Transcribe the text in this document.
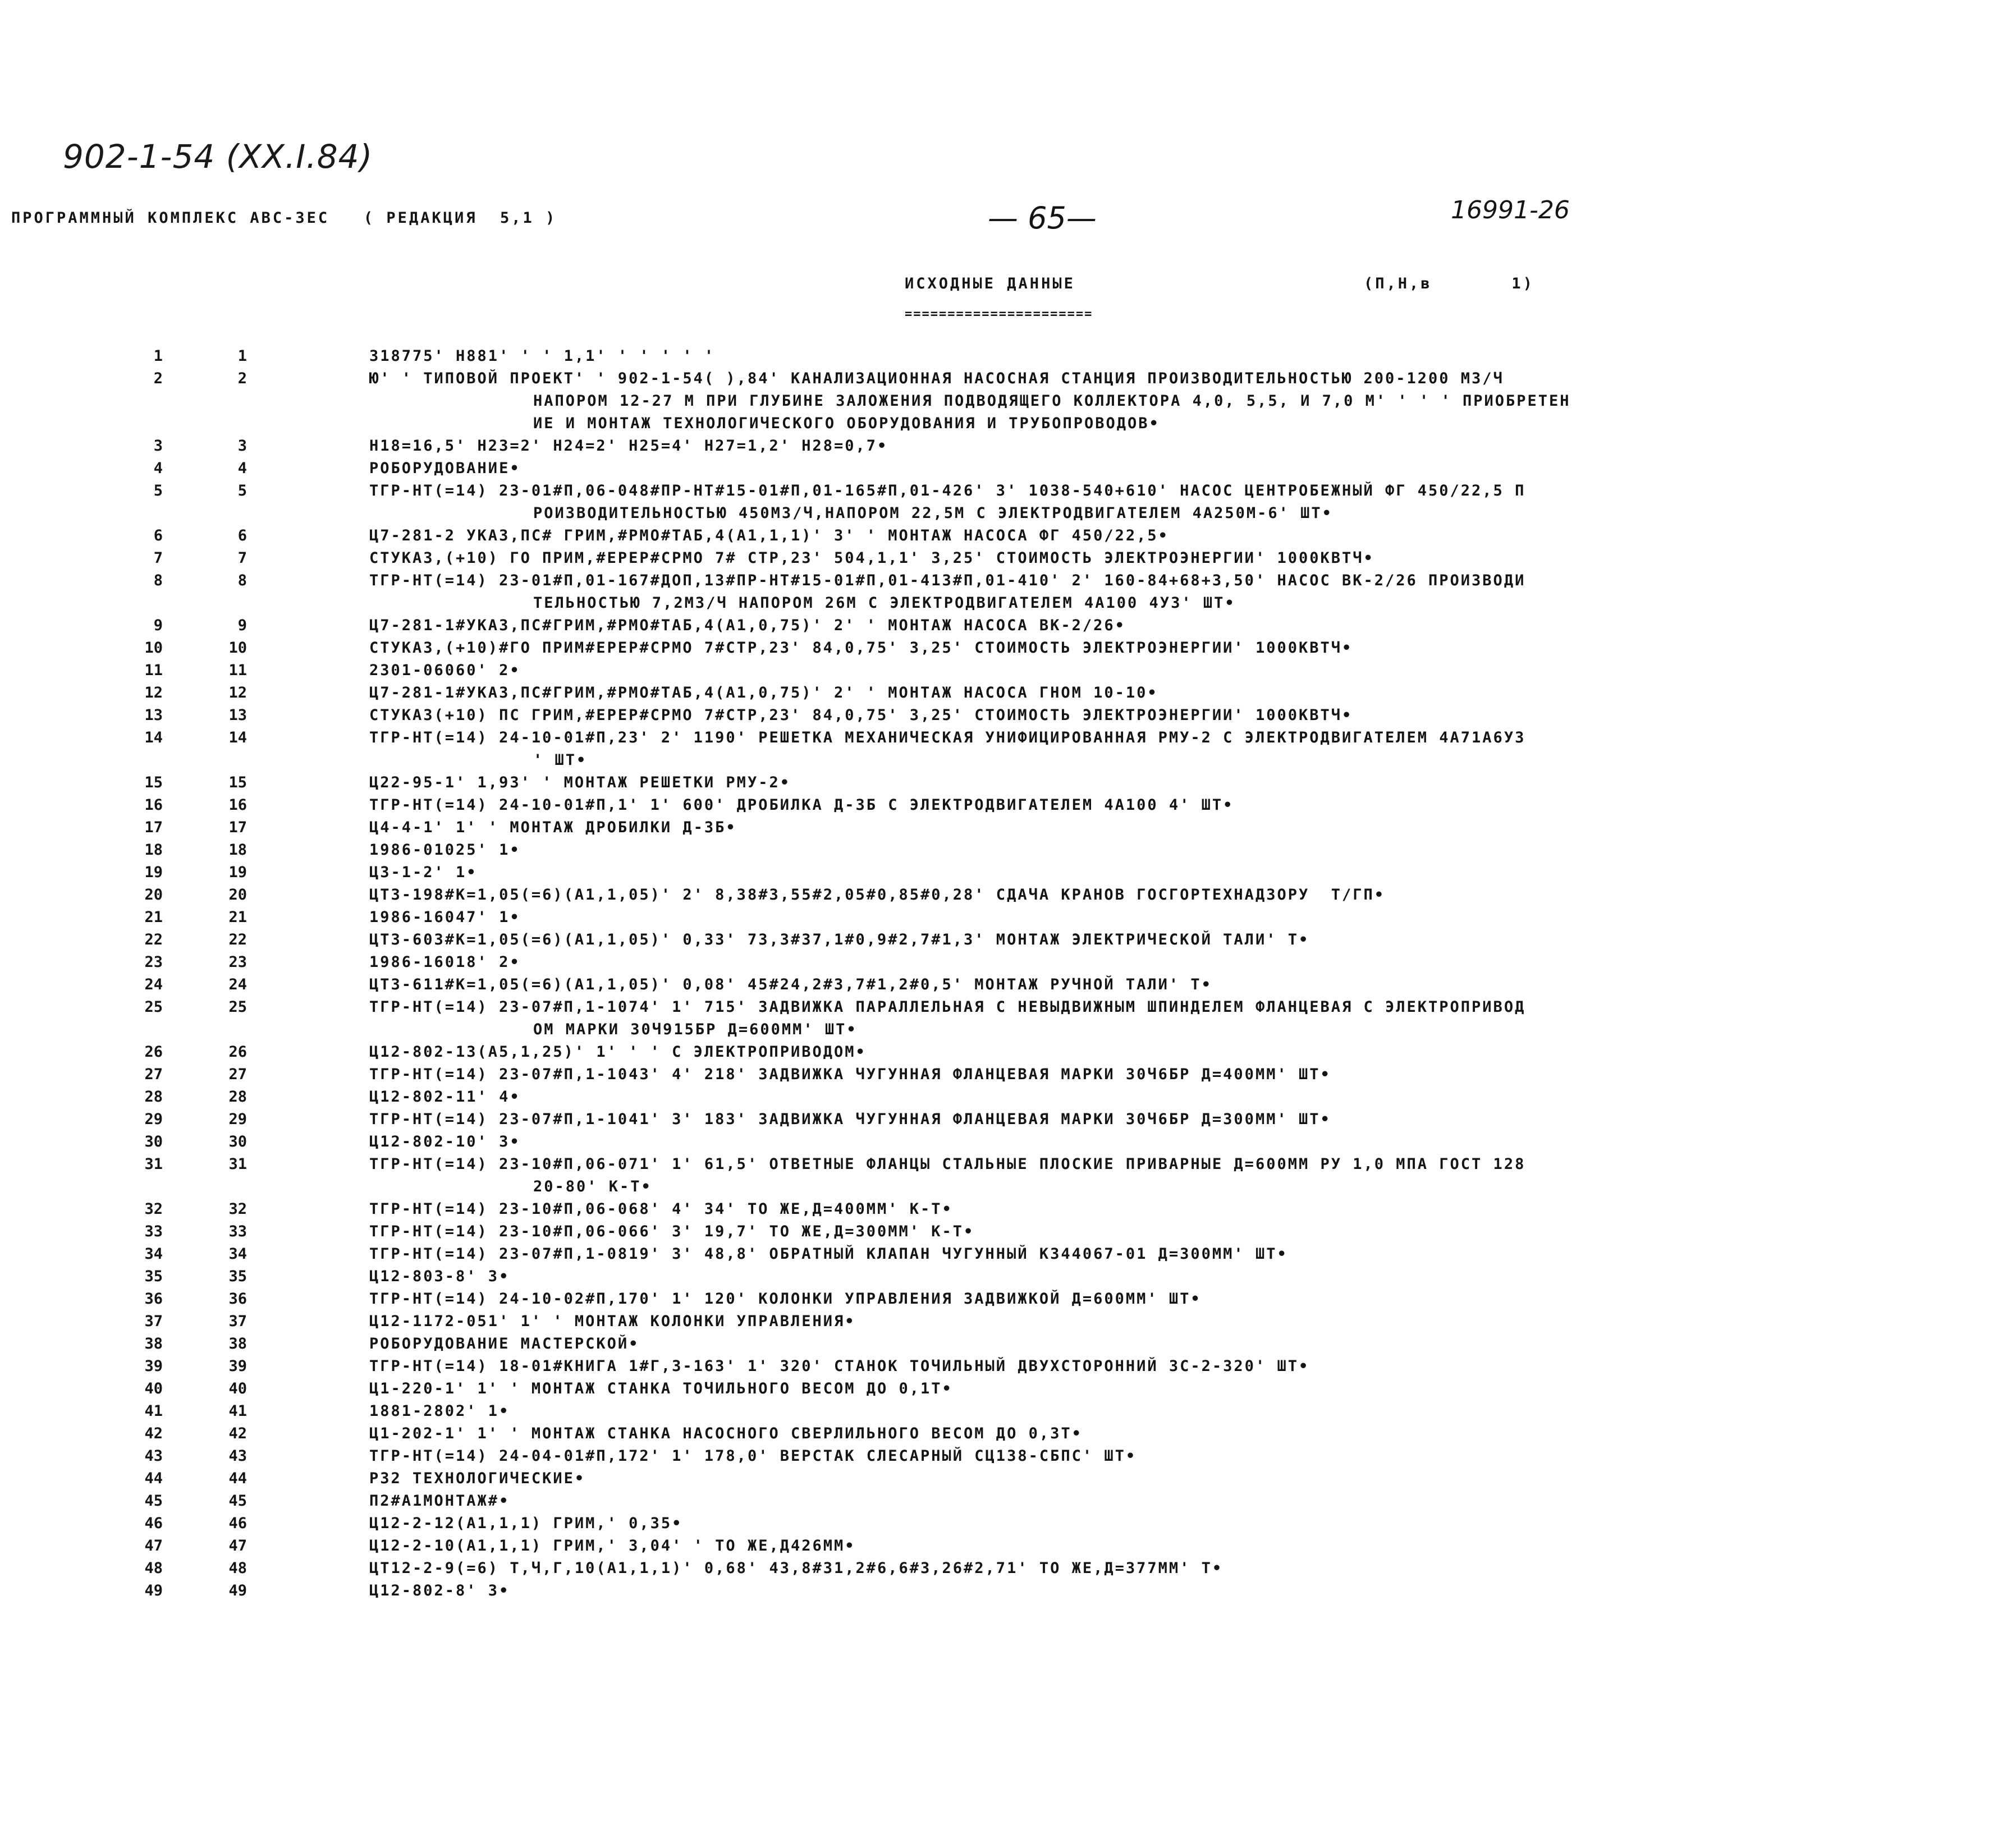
902-1-54 (XX.I.84)
ПРОГРАММНЫЙ КОМПЛЕКС АВС-ЗЕС   ( РЕДАКЦИЯ  5,1 )	— 65—	16991-26
ИСХОДНЫЕ ДАННЫЕ
======================
(П,Н,в       1)
1	1	318775' Н881' ' ' 1,1' ' ' ' ' '
2	2	Ю' ' ТИПОВОЙ ПРОЕКТ' ' 902-1-54( ),84' КАНАЛИЗАЦИОННАЯ НАСОСНАЯ СТАНЦИЯ ПРОИЗВОДИТЕЛЬНОСТЬЮ 200-1200 М3/Ч
НАПОРОМ 12-27 М ПРИ ГЛУБИНЕ ЗАЛОЖЕНИЯ ПОДВОДЯЩЕГО КОЛЛЕКТОРА 4,0, 5,5, И 7,0 М' ' ' ' ПРИОБРЕТЕН
ИЕ И МОНТАЖ ТЕХНОЛОГИЧЕСКОГО ОБОРУДОВАНИЯ И ТРУБОПРОВОДОВ•
3	3	Н18=16,5' Н23=2' Н24=2' Н25=4' Н27=1,2' Н28=0,7•
4	4	РОБОРУДОВАНИЕ•
5	5	ТГР-НТ(=14) 23-01#П,06-048#ПР-НТ#15-01#П,01-165#П,01-426' 3' 1038-540+610' НАСОС ЦЕНТРОБЕЖНЫЙ ФГ 450/22,5 П
РОИЗВОДИТЕЛЬНОСТЬЮ 450М3/Ч,НАПОРОМ 22,5М С ЭЛЕКТРОДВИГАТЕЛЕМ 4А250М-6' ШТ•
6	6	Ц7-281-2 УКАЗ,ПС# ГРИМ,#РМО#ТАБ,4(А1,1,1)' 3' ' МОНТАЖ НАСОСА ФГ 450/22,5•
7	7	СТУКАЗ,(+10) ГО ПРИМ,#ЕРЕР#СРМО 7# СТР,23' 504,1,1' 3,25' СТОИМОСТЬ ЭЛЕКТРОЭНЕРГИИ' 1000КВТЧ•
8	8	ТГР-НТ(=14) 23-01#П,01-167#ДОП,13#ПР-НТ#15-01#П,01-413#П,01-410' 2' 160-84+68+3,50' НАСОС ВК-2/26 ПРОИЗВОДИ
ТЕЛЬНОСТЬЮ 7,2М3/Ч НАПОРОМ 26М С ЭЛЕКТРОДВИГАТЕЛЕМ 4А100 4У3' ШТ•
9	9	Ц7-281-1#УКАЗ,ПС#ГРИМ,#РМО#ТАБ,4(А1,0,75)' 2' ' МОНТАЖ НАСОСА ВК-2/26•
10	10	СТУКАЗ,(+10)#ГО ПРИМ#ЕРЕР#СРМО 7#СТР,23' 84,0,75' 3,25' СТОИМОСТЬ ЭЛЕКТРОЭНЕРГИИ' 1000КВТЧ•
11	11	2301-06060' 2•
12	12	Ц7-281-1#УКАЗ,ПС#ГРИМ,#РМО#ТАБ,4(А1,0,75)' 2' ' МОНТАЖ НАСОСА ГНОМ 10-10•
13	13	СТУКАЗ(+10) ПС ГРИМ,#ЕРЕР#СРМО 7#СТР,23' 84,0,75' 3,25' СТОИМОСТЬ ЭЛЕКТРОЭНЕРГИИ' 1000КВТЧ•
14	14	ТГР-НТ(=14) 24-10-01#П,23' 2' 1190' РЕШЕТКА МЕХАНИЧЕСКАЯ УНИФИЦИРОВАННАЯ РМУ-2 С ЭЛЕКТРОДВИГАТЕЛЕМ 4А71А6У3
' ШТ•
15	15	Ц22-95-1' 1,93' ' МОНТАЖ РЕШЕТКИ РМУ-2•
16	16	ТГР-НТ(=14) 24-10-01#П,1' 1' 600' ДРОБИЛКА Д-3Б С ЭЛЕКТРОДВИГАТЕЛЕМ 4А100 4' ШТ•
17	17	Ц4-4-1' 1' ' МОНТАЖ ДРОБИЛКИ Д-3Б•
18	18	1986-01025' 1•
19	19	Ц3-1-2' 1•
20	20	ЦТ3-198#К=1,05(=6)(А1,1,05)' 2' 8,38#3,55#2,05#0,85#0,28' СДАЧА КРАНОВ ГОСГОРТЕХНАДЗОРУ  Т/ГП•
21	21	1986-16047' 1•
22	22	ЦТ3-603#К=1,05(=6)(А1,1,05)' 0,33' 73,3#37,1#0,9#2,7#1,3' МОНТАЖ ЭЛЕКТРИЧЕСКОЙ ТАЛИ' Т•
23	23	1986-16018' 2•
24	24	ЦТ3-611#К=1,05(=6)(А1,1,05)' 0,08' 45#24,2#3,7#1,2#0,5' МОНТАЖ РУЧНОЙ ТАЛИ' Т•
25	25	ТГР-НТ(=14) 23-07#П,1-1074' 1' 715' ЗАДВИЖКА ПАРАЛЛЕЛЬНАЯ С НЕВЫДВИЖНЫМ ШПИНДЕЛЕМ ФЛАНЦЕВАЯ С ЭЛЕКТРОПРИВОД
ОМ МАРКИ 30Ч915БР Д=600ММ' ШТ•
26	26	Ц12-802-13(А5,1,25)' 1' ' ' С ЭЛЕКТРОПРИВОДОМ•
27	27	ТГР-НТ(=14) 23-07#П,1-1043' 4' 218' ЗАДВИЖКА ЧУГУННАЯ ФЛАНЦЕВАЯ МАРКИ 30Ч6БР Д=400ММ' ШТ•
28	28	Ц12-802-11' 4•
29	29	ТГР-НТ(=14) 23-07#П,1-1041' 3' 183' ЗАДВИЖКА ЧУГУННАЯ ФЛАНЦЕВАЯ МАРКИ 30Ч6БР Д=300ММ' ШТ•
30	30	Ц12-802-10' 3•
31	31	ТГР-НТ(=14) 23-10#П,06-071' 1' 61,5' ОТВЕТНЫЕ ФЛАНЦЫ СТАЛЬНЫЕ ПЛОСКИЕ ПРИВАРНЫЕ Д=600ММ РУ 1,0 МПА ГОСТ 128
20-80' К-Т•
32	32	ТГР-НТ(=14) 23-10#П,06-068' 4' 34' ТО ЖЕ,Д=400ММ' К-Т•
33	33	ТГР-НТ(=14) 23-10#П,06-066' 3' 19,7' ТО ЖЕ,Д=300ММ' К-Т•
34	34	ТГР-НТ(=14) 23-07#П,1-0819' 3' 48,8' ОБРАТНЫЙ КЛАПАН ЧУГУННЫЙ К344067-01 Д=300ММ' ШТ•
35	35	Ц12-803-8' 3•
36	36	ТГР-НТ(=14) 24-10-02#П,170' 1' 120' КОЛОНКИ УПРАВЛЕНИЯ ЗАДВИЖКОЙ Д=600ММ' ШТ•
37	37	Ц12-1172-051' 1' ' МОНТАЖ КОЛОНКИ УПРАВЛЕНИЯ•
38	38	РОБОРУДОВАНИЕ МАСТЕРСКОЙ•
39	39	ТГР-НТ(=14) 18-01#КНИГА 1#Г,3-163' 1' 320' СТАНОК ТОЧИЛЬНЫЙ ДВУХСТОРОННИЙ 3С-2-320' ШТ•
40	40	Ц1-220-1' 1' ' МОНТАЖ СТАНКА ТОЧИЛЬНОГО ВЕСОМ ДО 0,1Т•
41	41	1881-2802' 1•
42	42	Ц1-202-1' 1' ' МОНТАЖ СТАНКА НАСОСНОГО СВЕРЛИЛЬНОГО ВЕСОМ ДО 0,3Т•
43	43	ТГР-НТ(=14) 24-04-01#П,172' 1' 178,0' ВЕРСТАК СЛЕСАРНЫЙ СЦ138-СБПС' ШТ•
44	44	Р32 ТЕХНОЛОГИЧЕСКИЕ•
45	45	П2#А1МОНТАЖ#•
46	46	Ц12-2-12(А1,1,1) ГРИМ,' 0,35•
47	47	Ц12-2-10(А1,1,1) ГРИМ,' 3,04' ' ТО ЖЕ,Д426ММ•
48	48	ЦТ12-2-9(=6) Т,Ч,Г,10(А1,1,1)' 0,68' 43,8#31,2#6,6#3,26#2,71' ТО ЖЕ,Д=377ММ' Т•
49	49	Ц12-802-8' 3•
